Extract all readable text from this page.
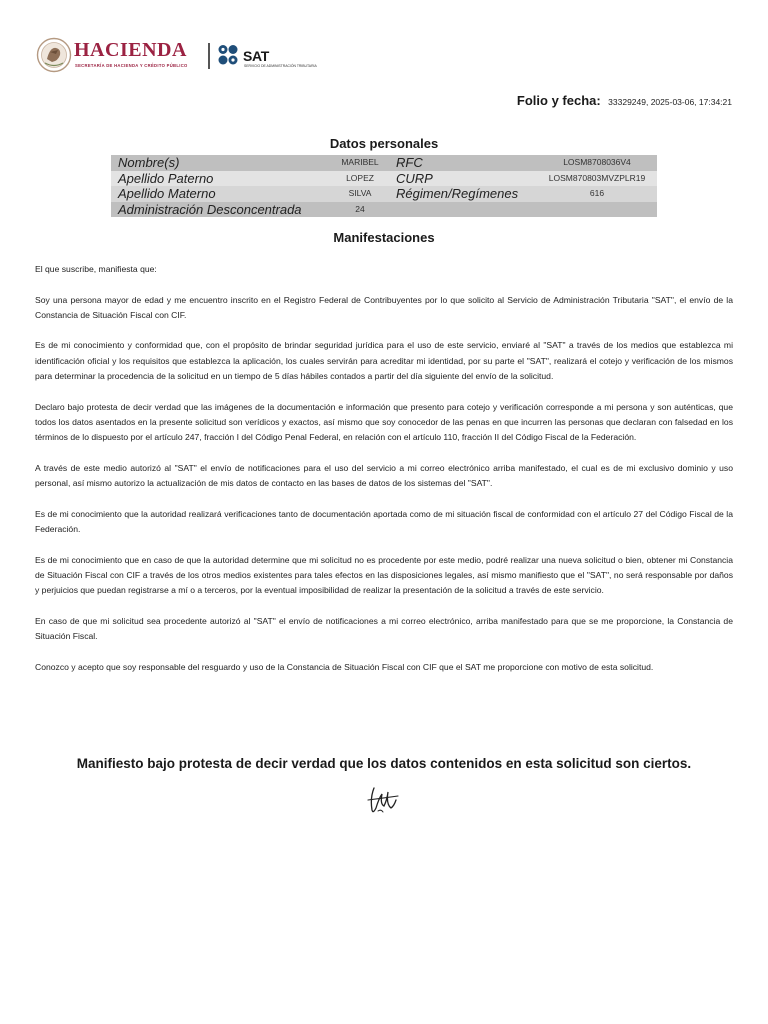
HACIENDA
SECRETARÍA DE HACIENDA Y CRÉDITO PÚBLICO
SAT
SERVICIO DE ADMINISTRACIÓN TRIBUTARIA
Folio y fecha: 33329249, 2025-03-06, 17:34:21
Datos personales
Nombre(s)	MARIBEL	RFC	LOSM8708036V4
Apellido Paterno	LOPEZ	CURP	LOSM870803MVZPLR19
Apellido Materno	SILVA	Régimen/Regímenes	616
Administración Desconcentrada	24
Manifestaciones

El que suscribe, manifiesta que:

Soy una persona mayor de edad y me encuentro inscrito en el Registro Federal de Contribuyentes por lo que solicito al Servicio de Administración Tributaria "SAT", el envío de la Constancia de Situación Fiscal con CIF.

Es de mi conocimiento y conformidad que, con el propósito de brindar seguridad jurídica para el uso de este servicio, enviaré al "SAT" a través de los medios que establezca mi identificación oficial y los requisitos que establezca la aplicación, los cuales servirán para acreditar mi identidad, por su parte el "SAT", realizará el cotejo y verificación de los mismos para determinar la procedencia de la solicitud en un tiempo de 5 días hábiles contados a partir del día siguiente del envío de la solicitud.

Declaro bajo protesta de decir verdad que las imágenes de la documentación e información que presento para cotejo y verificación corresponde a mi persona y son auténticas, que todos los datos asentados en la presente solicitud son verídicos y exactos, así mismo que soy conocedor de las penas en que incurren las personas que declaran con falsedad en los términos de lo dispuesto por el artículo 247, fracción I del Código Penal Federal, en relación con el artículo 110, fracción II del Código Fiscal de la Federación.

A través de este medio autorizó al "SAT" el envío de notificaciones para el uso del servicio a mi correo electrónico arriba manifestado, el cual es de mi exclusivo dominio y uso personal, así mismo autorizo la actualización de mis datos de contacto en las bases de datos de los sistemas del "SAT".

Es de mi conocimiento que la autoridad realizará verificaciones tanto de documentación aportada como de mi situación fiscal de conformidad con el artículo 27 del Código Fiscal de la Federación.

Es de mi conocimiento que en caso de que la autoridad determine que mi solicitud no es procedente por este medio, podré realizar una nueva solicitud o bien, obtener mi Constancia de Situación Fiscal con CIF a través de los otros medios existentes para tales efectos en las disposiciones legales, así mismo manifiesto que el "SAT", no será responsable por daños y perjuicios que puedan registrarse a mí o a terceros, por la eventual imposibilidad de realizar la presentación de la solicitud a través de este servicio.

En caso de que mi solicitud sea procedente autorizó al "SAT" el envío de notificaciones a mi correo electrónico, arriba manifestado para que se me proporcione, la Constancia de Situación Fiscal.

Conozco y acepto que soy responsable del resguardo y uso de la Constancia de Situación Fiscal con CIF que el SAT me proporcione con motivo de esta solicitud.

Manifiesto bajo protesta de decir verdad que los datos contenidos en esta solicitud son ciertos.
